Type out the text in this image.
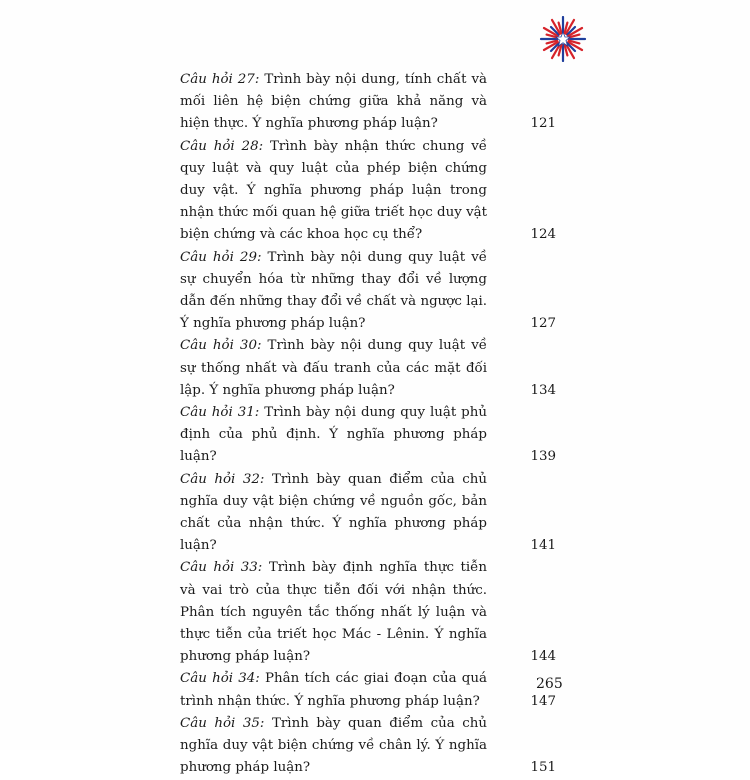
Câu hỏi 27: Trình bày nội dung, tính chất và mối liên hệ biện chứng giữa khả năng và hiện thực. Ý nghĩa phương pháp luận?	121
Câu hỏi 28: Trình bày nhận thức chung về quy luật và quy luật của phép biện chứng duy vật. Ý nghĩa phương pháp luận trong nhận thức mối quan hệ giữa triết học duy vật biện chứng và các khoa học cụ thể?	124
Câu hỏi 29: Trình bày nội dung quy luật về sự chuyển hóa từ những thay đổi về lượng dẫn đến những thay đổi về chất và ngược lại. Ý nghĩa phương pháp luận?	127
Câu hỏi 30: Trình bày nội dung quy luật về sự thống nhất và đấu tranh của các mặt đối lập. Ý nghĩa phương pháp luận?	134
Câu hỏi 31: Trình bày nội dung quy luật phủ định của phủ định. Ý nghĩa phương pháp luận?	139
Câu hỏi 32: Trình bày quan điểm của chủ nghĩa duy vật biện chứng về nguồn gốc, bản chất của nhận thức. Ý nghĩa phương pháp luận?	141
Câu hỏi 33: Trình bày định nghĩa thực tiễn và vai trò của thực tiễn đối với nhận thức. Phân tích nguyên tắc thống nhất lý luận và thực tiễn của triết học Mác - Lênin. Ý nghĩa phương pháp luận?	144
Câu hỏi 34: Phân tích các giai đoạn của quá trình nhận thức. Ý nghĩa phương pháp luận?	147
Câu hỏi 35: Trình bày quan điểm của chủ nghĩa duy vật biện chứng về chân lý. Ý nghĩa phương pháp luận?	151
265
